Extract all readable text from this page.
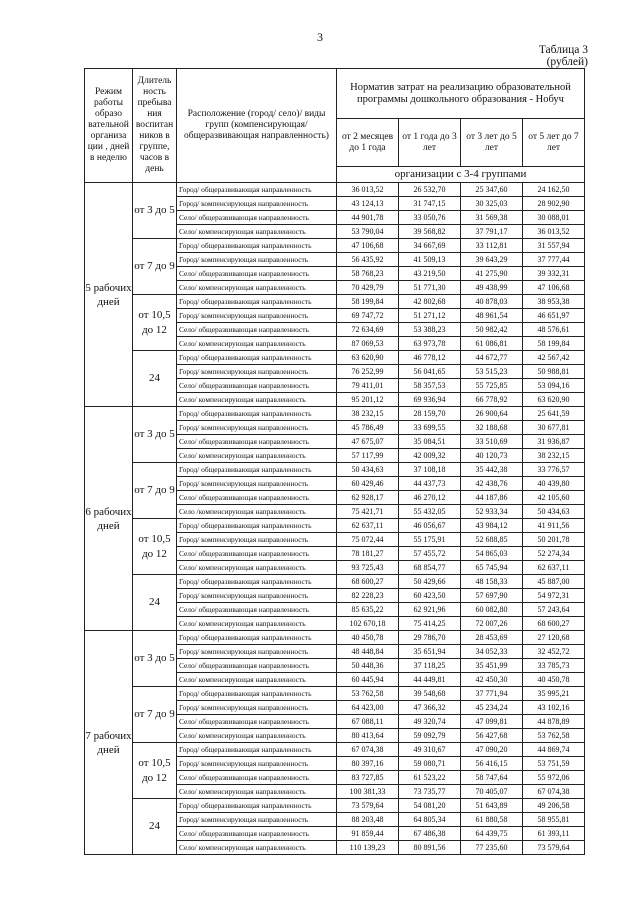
3
Таблица 3
(рублей)
Режим работы образо вательной организа ции , дней в неделю	Длитель ность пребыва ния воспитан ников в группе, часов в день	Расположение (город/ село)/ виды групп (компенсирующая/ общеразвивающая направленность)	Норматив затрат на реализацию образовательной программы дошкольного образования - Нобуч			
			от 2 месяцев до 1 года	от 1 года до 3 лет	от 3 лет до 5 лет	от 5 лет до 7 лет
			организации с 3-4 группами			
5 рабочих дней	от 3 до 5	Город/ общеразвивающая направленность	36 013,52	26 532,70	25 347,60	24 162,50
		Город/ компенсирующая направленность	43 124,13	31 747,15	30 325,03	28 902,90
		Село/ общеразвивающая направленность	44 901,78	33 050,76	31 569,38	30 088,01
		Село/ компенсирующая направленность	53 790,04	39 568,82	37 791,17	36 013,52
	от 7 до 9	Город/ общеразвивающая направленность	47 106,68	34 667,69	33 112,81	31 557,94
		Город/ компенсирующая направленность	56 435,92	41 509,13	39 643,29	37 777,44
		Село/ общеразвивающая направленность	58 768,23	43 219,50	41 275,90	39 332,31
		Село/ компенсирующая направленность	70 429,79	51 771,30	49 438,99	47 106,68
	от 10,5 до 12	Город/ общеразвивающая направленность	58 199,84	42 802,68	40 878,03	38 953,38
		Город/ компенсирующая направленность	69 747,72	51 271,12	48 961,54	46 651,97
		Село/ общеразвивающая направленность	72 634,69	53 388,23	50 982,42	48 576,61
		Село/ компенсирующая направленность	87 069,53	63 973,78	61 086,81	58 199,84
	24	Город/ общеразвивающая направленность	63 620,90	46 778,12	44 672,77	42 567,42
		Город/ компенсирующая направленность	76 252,99	56 041,65	53 515,23	50 988,81
		Село/ общеразвивающая направленность	79 411,01	58 357,53	55 725,85	53 094,16
		Село/ компенсирующая направленность	95 201,12	69 936,94	66 778,92	63 620,90
6 рабочих дней	от 3 до 5	Город/ общеразвивающая направленность	38 232,15	28 159,70	26 900,64	25 641,59
		Город/ компенсирующая направленность	45 786,49	33 699,55	32 188,68	30 677,81
		Село/ общеразвивающая направленность	47 675,07	35 084,51	33 510,69	31 936,87
		Село/ компенсирующая направленность	57 117,99	42 009,32	40 120,73	38 232,15
	от 7 до 9	Город/ общеразвивающая направленность	50 434,63	37 108,18	35 442,38	33 776,57
		Город/ компенсирующая направленность	60 429,46	44 437,73	42 438,76	40 439,80
		Село/ общеразвивающая направленность	62 928,17	46 270,12	44 187,86	42 105,60
		Село /компенсирующая направленность	75 421,71	55 432,05	52 933,34	50 434,63
	от 10,5 до 12	Город/ общеразвивающая направленность	62 637,11	46 056,67	43 984,12	41 911,56
		Город/ компенсирующая направленность	75 072,44	55 175,91	52 688,85	50 201,78
		Село/ общеразвивающая направленность	78 181,27	57 455,72	54 865,03	52 274,34
		Село/ компенсирующая направленность	93 725,43	68 854,77	65 745,94	62 637,11
	24	Город/ общеразвивающая направленность	68 600,27	50 429,66	48 158,33	45 887,00
		Город/ компенсирующая направленность	82 228,23	60 423,50	57 697,90	54 972,31
		Село/ общеразвивающая направленность	85 635,22	62 921,96	60 082,80	57 243,64
		Село/ компенсирующая направленность	102 670,18	75 414,25	72 007,26	68 600,27
7 рабочих дней	от 3 до 5	Город/ общеразвивающая направленность	40 450,78	29 786,70	28 453,69	27 120,68
		Город/ компенсирующая направленность	48 448,84	35 651,94	34 052,33	32 452,72
		Село/ общеразвивающая направленность	50 448,36	37 118,25	35 451,99	33 785,73
		Село/ компенсирующая направленность	60 445,94	44 449,81	42 450,30	40 450,78
	от 7 до 9	Город/ общеразвивающая направленность	53 762,58	39 548,68	37 771,94	35 995,21
		Город/ компенсирующая направленность	64 423,00	47 366,32	45 234,24	43 102,16
		Село/ общеразвивающая направленность	67 088,11	49 320,74	47 099,81	44 878,89
		Село/ компенсирующая направленность	80 413,64	59 092,79	56 427,68	53 762,58
	от 10,5 до 12	Город/ общеразвивающая направленность	67 074,38	49 310,67	47 090,20	44 869,74
		Город/ компенсирующая направленность	80 397,16	59 080,71	56 416,15	53 751,59
		Село/ общеразвивающая направленность	83 727,85	61 523,22	58 747,64	55 972,06
		Село/ компенсирующая направленность	100 381,33	73 735,77	70 405,07	67 074,38
	24	Город/ общеразвивающая направленность	73 579,64	54 081,20	51 643,89	49 206,58
		Город/ компенсирующая направленность	88 203,48	64 805,34	61 880,58	58 955,81
		Село/ общеразвивающая направленность	91 859,44	67 486,38	64 439,75	61 393,11
		Село/ компенсирующая направленность	110 139,23	80 891,56	77 235,60	73 579,64
